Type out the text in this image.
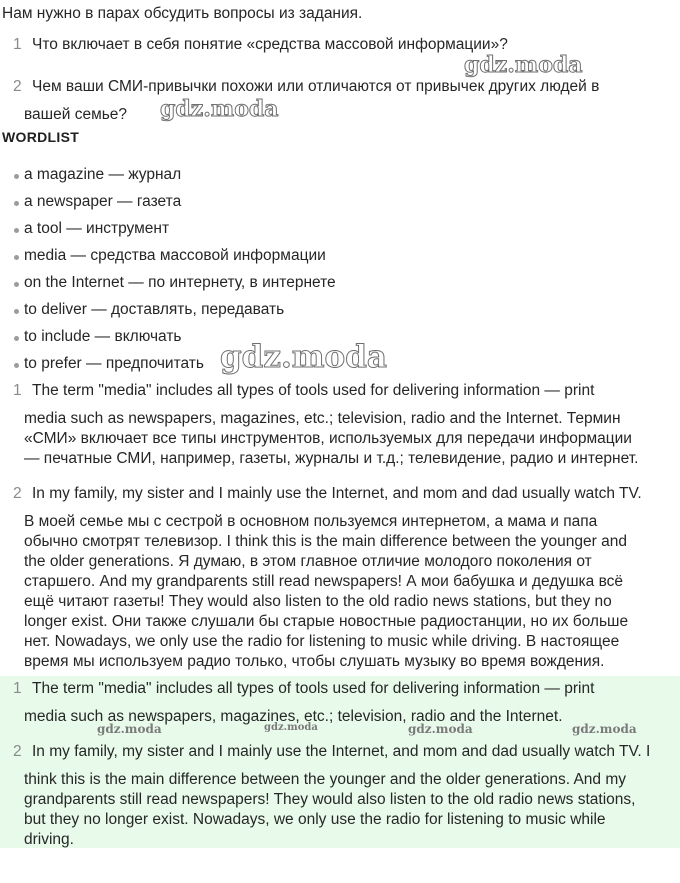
Нам нужно в парах обсудить вопросы из задания.
1 Что включает в себя понятие «средства массовой информации»?
2 Чем ваши СМИ-привычки похожи или отличаются от привычек других людей в
вашей семье?
WORDLIST
a magazine — журнал
a newspaper — газета
a tool — инструмент
media — средства массовой информации
on the Internet — по интернету, в интернете
to deliver — доставлять, передавать
to include — включать
to prefer — предпочитать
1 The term "media" includes all types of tools used for delivering information — print
media such as newspapers, magazines, etc.; television, radio and the Internet. Термин
«СМИ» включает все типы инструментов, используемых для передачи информации
— печатные СМИ, например, газеты, журналы и т.д.; телевидение, радио и интернет.
2 In my family, my sister and I mainly use the Internet, and mom and dad usually watch TV.
В моей семье мы с сестрой в основном пользуемся интернетом, а мама и папа
обычно смотрят телевизор. I think this is the main difference between the younger and
the older generations. Я думаю, в этом главное отличие молодого поколения от
старшего. And my grandparents still read newspapers! А мои бабушка и дедушка всё
ещё читают газеты! They would also listen to the old radio news stations, but they no
longer exist. Они также слушали бы старые новостные радиостанции, но их больше
нет. Nowadays, we only use the radio for listening to music while driving. В настоящее
время мы используем радио только, чтобы слушать музыку во время вождения.
1 The term "media" includes all types of tools used for delivering information — print
media such as newspapers, magazines, etc.; television, radio and the Internet.
2 In my family, my sister and I mainly use the Internet, and mom and dad usually watch TV. I
think this is the main difference between the younger and the older generations. And my
grandparents still read newspapers! They would also listen to the old radio news stations,
but they no longer exist. Nowadays, we only use the radio for listening to music while
driving.
gdz.moda
gdz.moda
gdz.moda
gdz.moda	gdz.moda	gdz.moda	gdz.moda
